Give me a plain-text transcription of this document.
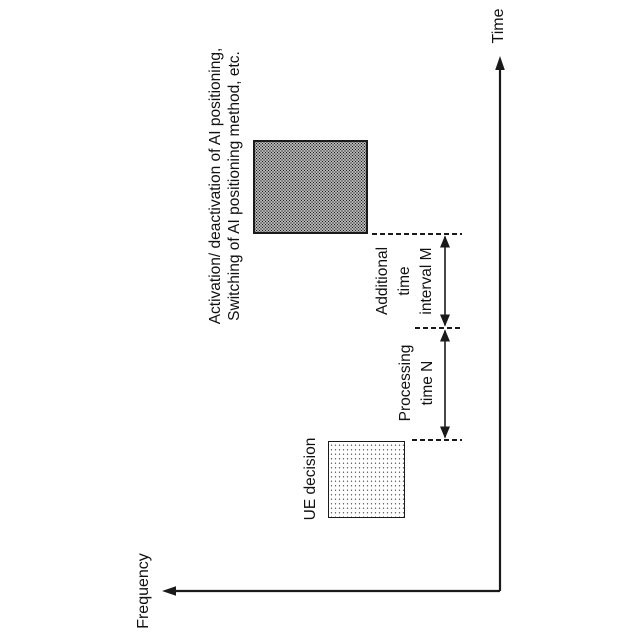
Time
Frequency
UE decision
Processing time N
Additional time interval M
Activation/ deactivation of AI positioning, Switching of AI positioning method, etc.
